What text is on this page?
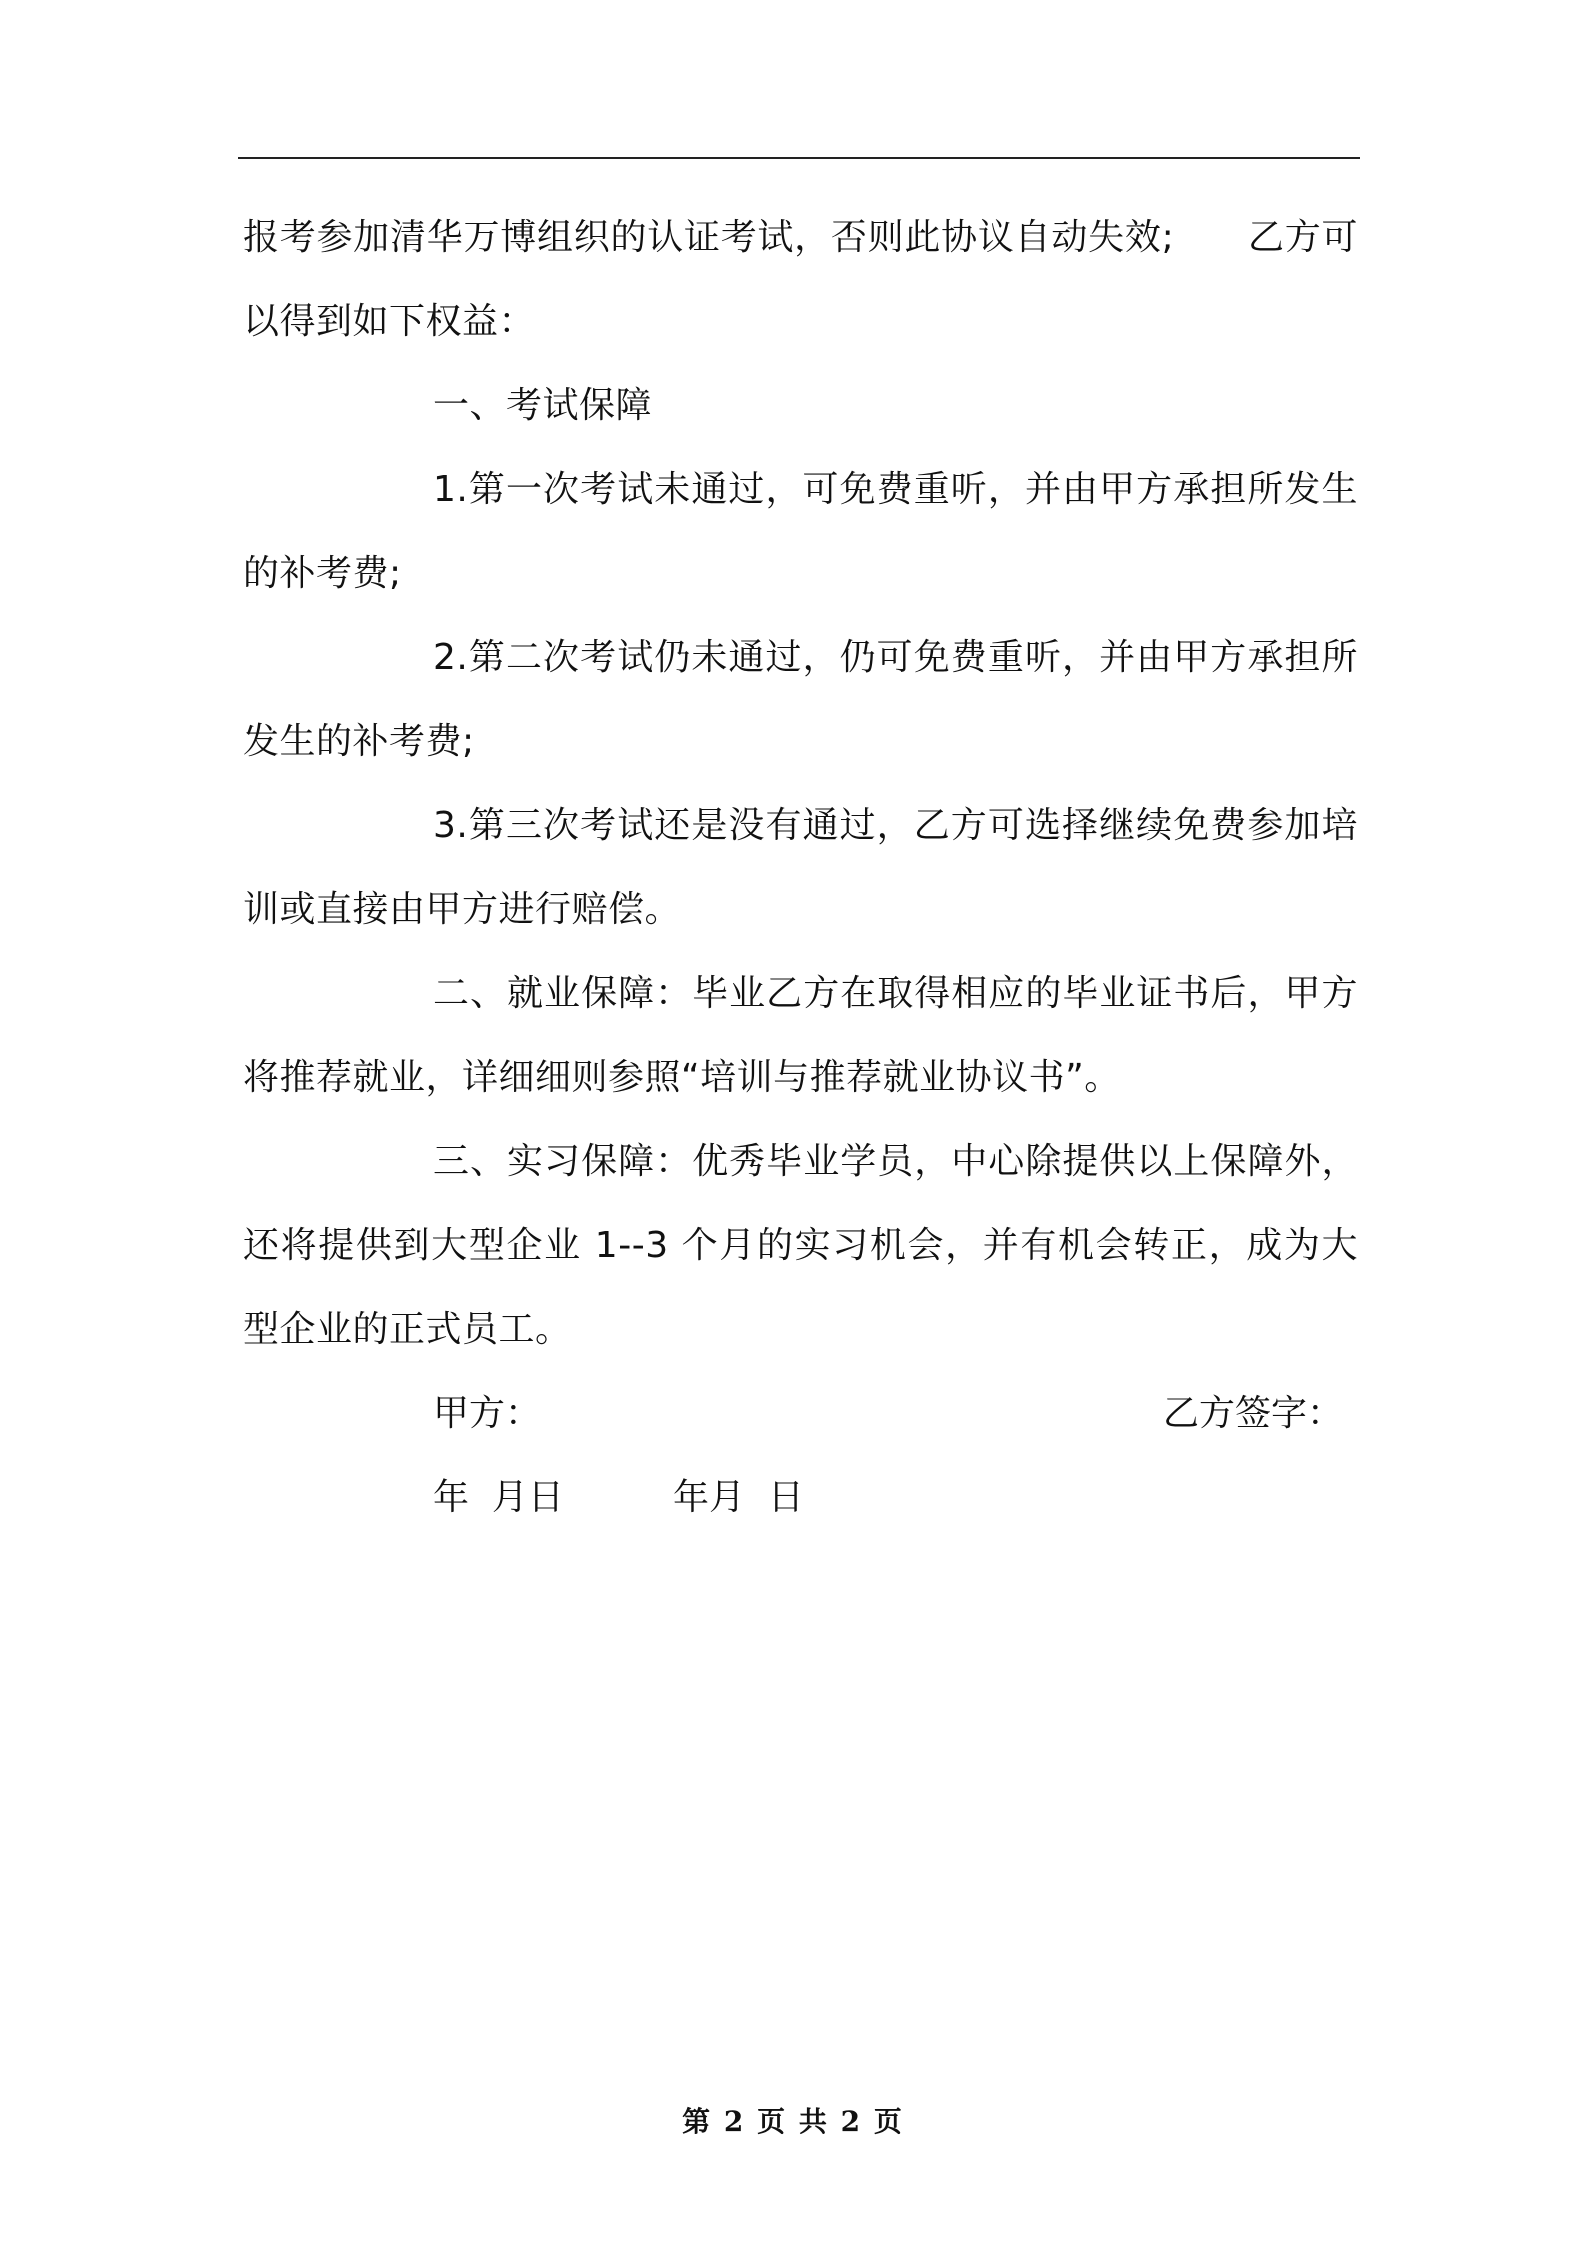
报考参加清华万博组织的认证考试，否则此协议自动失效;　　乙方可以得到如下权益：

一、考试保障

1.第一次考试未通过，可免费重听，并由甲方承担所发生的补考费;

2.第二次考试仍未通过，仍可免费重听，并由甲方承担所发生的补考费;

3.第三次考试还是没有通过，乙方可选择继续免费参加培训或直接由甲方进行赔偿。

二、就业保障：毕业乙方在取得相应的毕业证书后，甲方将推荐就业，详细细则参照“培训与推荐就业协议书”。

三、实习保障：优秀毕业学员，中心除提供以上保障外，还将提供到大型企业 1--3 个月的实习机会，并有机会转正，成为大型企业的正式员工。

甲方：	乙方签字：
年  月日	年月  日
第 2 页 共 2 页
